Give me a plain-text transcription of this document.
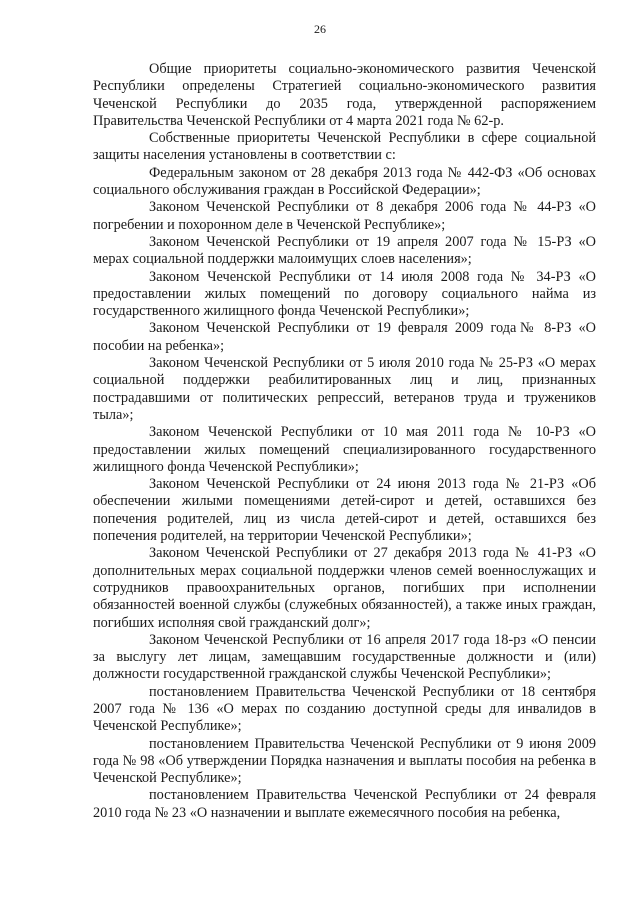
26

Общие приоритеты социально-экономического развития Чеченской Республики определены Стратегией социально-экономического развития Чеченской Республики до 2035 года, утвержденной распоряжением Правительства Чеченской Республики от 4 марта 2021 года № 62-р.

Собственные приоритеты Чеченской Республики в сфере социальной защиты населения установлены в соответствии с:

Федеральным законом от 28 декабря 2013 года № 442-ФЗ «Об основах социального обслуживания граждан в Российской Федерации»;

Законом Чеченской Республики от 8 декабря 2006 года № 44-РЗ «О погребении и похоронном деле в Чеченской Республике»;

Законом Чеченской Республики от 19 апреля 2007 года № 15-РЗ «О мерах социальной поддержки малоимущих слоев населения»;

Законом Чеченской Республики от 14 июля 2008 года № 34-РЗ «О предоставлении жилых помещений по договору социального найма из государственного жилищного фонда Чеченской Республики»;

Законом Чеченской Республики от 19 февраля 2009 года№ 8-РЗ «О пособии на ребенка»;

Законом Чеченской Республики от 5 июля 2010 года № 25-РЗ «О мерах социальной поддержки реабилитированных лиц и лиц, признанных пострадавшими от политических репрессий, ветеранов труда и тружеников тыла»;

Законом Чеченской Республики от 10 мая 2011 года № 10-РЗ «О предоставлении жилых помещений специализированного государственного жилищного фонда Чеченской Республики»;

Законом Чеченской Республики от 24 июня 2013 года № 21-РЗ «Об обеспечении жилыми помещениями детей-сирот и детей, оставшихся без попечения родителей, лиц из числа детей-сирот и детей, оставшихся без попечения родителей, на территории Чеченской Республики»;

Законом Чеченской Республики от 27 декабря 2013 года № 41-РЗ «О дополнительных мерах социальной поддержки членов семей военнослужащих и сотрудников правоохранительных органов, погибших при исполнении обязанностей военной службы (служебных обязанностей), а также иных граждан, погибших исполняя свой гражданский долг»;

Законом Чеченской Республики от 16 апреля 2017 года 18-рз «О пенсии за выслугу лет лицам, замещавшим государственные должности и (или) должности государственной гражданской службы Чеченской Республики»;

постановлением Правительства Чеченской Республики от 18 сентября 2007 года № 136 «О мерах по созданию доступной среды для инвалидов в Чеченской Республике»;

постановлением Правительства Чеченской Республики от 9 июня 2009 года № 98 «Об утверждении Порядка назначения и выплаты пособия на ребенка в Чеченской Республике»;

постановлением Правительства Чеченской Республики от 24 февраля 2010 года № 23 «О назначении и выплате ежемесячного пособия на ребенка,
